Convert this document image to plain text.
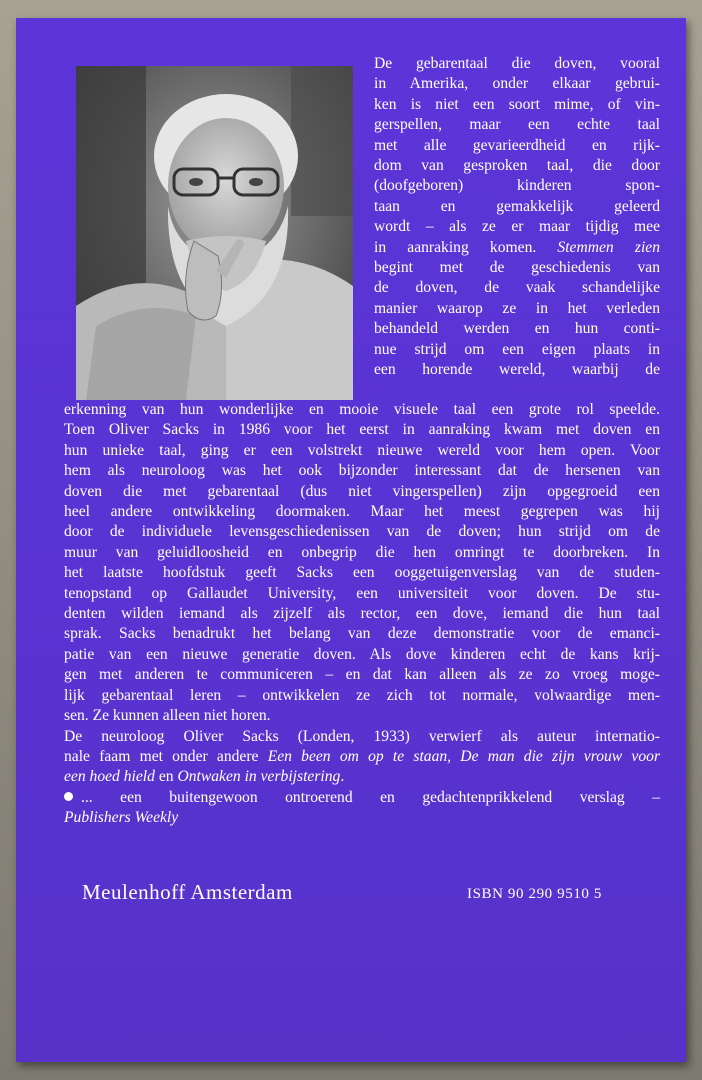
De gebarentaal die doven, vooral
in Amerika, onder elkaar gebrui-
ken is niet een soort mime, of vin-
gerspellen, maar een echte taal
met alle gevarieerdheid en rijk-
dom van gesproken taal, die door
(doofgeboren) kinderen spon-
taan en gemakkelijk geleerd
wordt – als ze er maar tijdig mee
in aanraking komen. Stemmen zien
begint met de geschiedenis van
de doven, de vaak schandelijke
manier waarop ze in het verleden
behandeld werden en hun conti-
nue strijd om een eigen plaats in
een horende wereld, waarbij de
erkenning van hun wonderlijke en mooie visuele taal een grote rol speelde.
Toen Oliver Sacks in 1986 voor het eerst in aanraking kwam met doven en
hun unieke taal, ging er een volstrekt nieuwe wereld voor hem open. Voor
hem als neuroloog was het ook bijzonder interessant dat de hersenen van
doven die met gebarentaal (dus niet vingerspellen) zijn opgegroeid een
heel andere ontwikkeling doormaken. Maar het meest gegrepen was hij
door de individuele levensgeschiedenissen van de doven; hun strijd om de
muur van geluidloosheid en onbegrip die hen omringt te doorbreken. In
het laatste hoofdstuk geeft Sacks een ooggetuigenverslag van de studen-
tenopstand op Gallaudet University, een universiteit voor doven. De stu-
denten wilden iemand als zijzelf als rector, een dove, iemand die hun taal
sprak. Sacks benadrukt het belang van deze demonstratie voor de emanci-
patie van een nieuwe generatie doven. Als dove kinderen echt de kans krij-
gen met anderen te communiceren – en dat kan alleen als ze zo vroeg moge-
lijk gebarentaal leren – ontwikkelen ze zich tot normale, volwaardige men-
sen. Ze kunnen alleen niet horen.
De neuroloog Oliver Sacks (Londen, 1933) verwierf als auteur internatio-
nale faam met onder andere Een been om op te staan, De man die zijn vrouw voor
een hoed hield en Ontwaken in verbijstering.
... een buitengewoon ontroerend en gedachtenprikkelend verslag –
Publishers Weekly
Meulenhoff Amsterdam	ISBN 90 290 9510 5
